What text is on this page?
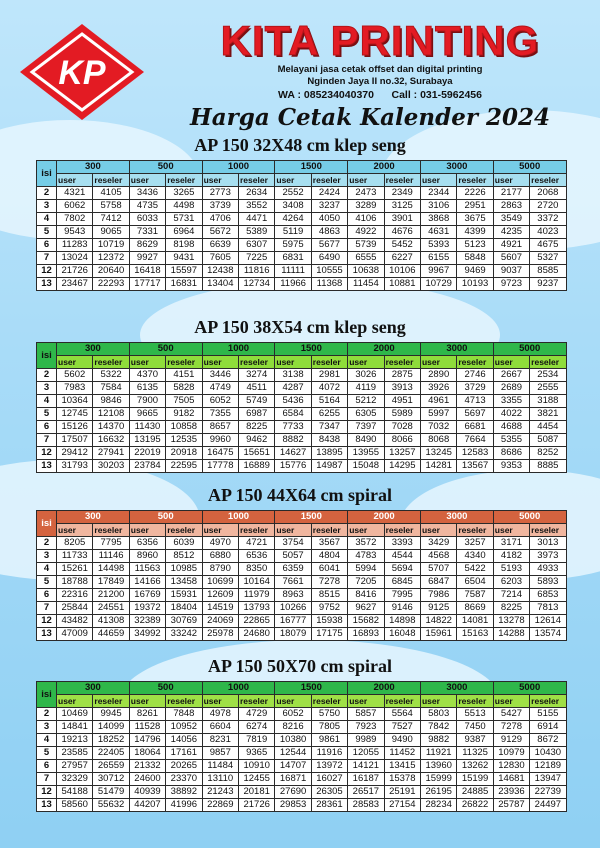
KP
KITA PRINTING
Melayani jasa cetak offset dan digital printing
Nginden Jaya II no.32, Surabaya
WA : 085234040370 Call : 031-5962456
Harga Cetak Kalender 2024
AP 150 32X48 cm klep seng
isi	300		500		1000		1500		2000		3000		5000	
	user	reseler	user	reseler	user	reseler	user	reseler	user	reseler	user	reseler	user	reseler
2	4321	4105	3436	3265	2773	2634	2552	2424	2473	2349	2344	2226	2177	2068
3	6062	5758	4735	4498	3739	3552	3408	3237	3289	3125	3106	2951	2863	2720
4	7802	7412	6033	5731	4706	4471	4264	4050	4106	3901	3868	3675	3549	3372
5	9543	9065	7331	6964	5672	5389	5119	4863	4922	4676	4631	4399	4235	4023
6	11283	10719	8629	8198	6639	6307	5975	5677	5739	5452	5393	5123	4921	4675
7	13024	12372	9927	9431	7605	7225	6831	6490	6555	6227	6155	5848	5607	5327
12	21726	20640	16418	15597	12438	11816	11111	10555	10638	10106	9967	9469	9037	8585
13	23467	22293	17717	16831	13404	12734	11966	11368	11454	10881	10729	10193	9723	9237
AP 150 38X54 cm klep seng
isi	300		500		1000		1500		2000		3000		5000	
	user	reseler	user	reseler	user	reseler	user	reseler	user	reseler	user	reseler	user	reseler
2	5602	5322	4370	4151	3446	3274	3138	2981	3026	2875	2890	2746	2667	2534
3	7983	7584	6135	5828	4749	4511	4287	4072	4119	3913	3926	3729	2689	2555
4	10364	9846	7900	7505	6052	5749	5436	5164	5212	4951	4961	4713	3355	3188
5	12745	12108	9665	9182	7355	6987	6584	6255	6305	5989	5997	5697	4022	3821
6	15126	14370	11430	10858	8657	8225	7733	7347	7397	7028	7032	6681	4688	4454
7	17507	16632	13195	12535	9960	9462	8882	8438	8490	8066	8068	7664	5355	5087
12	29412	27941	22019	20918	16475	15651	14627	13895	13955	13257	13245	12583	8686	8252
13	31793	30203	23784	22595	17778	16889	15776	14987	15048	14295	14281	13567	9353	8885
AP 150 44X64 cm spiral
isi	300		500		1000		1500		2000		3000		5000	
	user	reseler	user	reseler	user	reseler	user	reseler	user	reseler	user	reseler	user	reseler
2	8205	7795	6356	6039	4970	4721	3754	3567	3572	3393	3429	3257	3171	3013
3	11733	11146	8960	8512	6880	6536	5057	4804	4783	4544	4568	4340	4182	3973
4	15261	14498	11563	10985	8790	8350	6359	6041	5994	5694	5707	5422	5193	4933
5	18788	17849	14166	13458	10699	10164	7661	7278	7205	6845	6847	6504	6203	5893
6	22316	21200	16769	15931	12609	11979	8963	8515	8416	7995	7986	7587	7214	6853
7	25844	24551	19372	18404	14519	13793	10266	9752	9627	9146	9125	8669	8225	7813
12	43482	41308	32389	30769	24069	22865	16777	15938	15682	14898	14822	14081	13278	12614
13	47009	44659	34992	33242	25978	24680	18079	17175	16893	16048	15961	15163	14288	13574
AP 150 50X70 cm spiral
isi	300		500		1000		1500		2000		3000		5000	
	user	reseler	user	reseler	user	reseler	user	reseler	user	reseler	user	reseler	user	reseler
2	10469	9945	8261	7848	4978	4729	6052	5750	5857	5564	5803	5513	5427	5155
3	14841	14099	11528	10952	6604	6274	8216	7805	7923	7527	7842	7450	7278	6914
4	19213	18252	14796	14056	8231	7819	10380	9861	9989	9490	9882	9387	9129	8672
5	23585	22405	18064	17161	9857	9365	12544	11916	12055	11452	11921	11325	10979	10430
6	27957	26559	21332	20265	11484	10910	14707	13972	14121	13415	13960	13262	12830	12189
7	32329	30712	24600	23370	13110	12455	16871	16027	16187	15378	15999	15199	14681	13947
12	54188	51479	40939	38892	21243	20181	27690	26305	26517	25191	26195	24885	23936	22739
13	58560	55632	44207	41996	22869	21726	29853	28361	28583	27154	28234	26822	25787	24497
